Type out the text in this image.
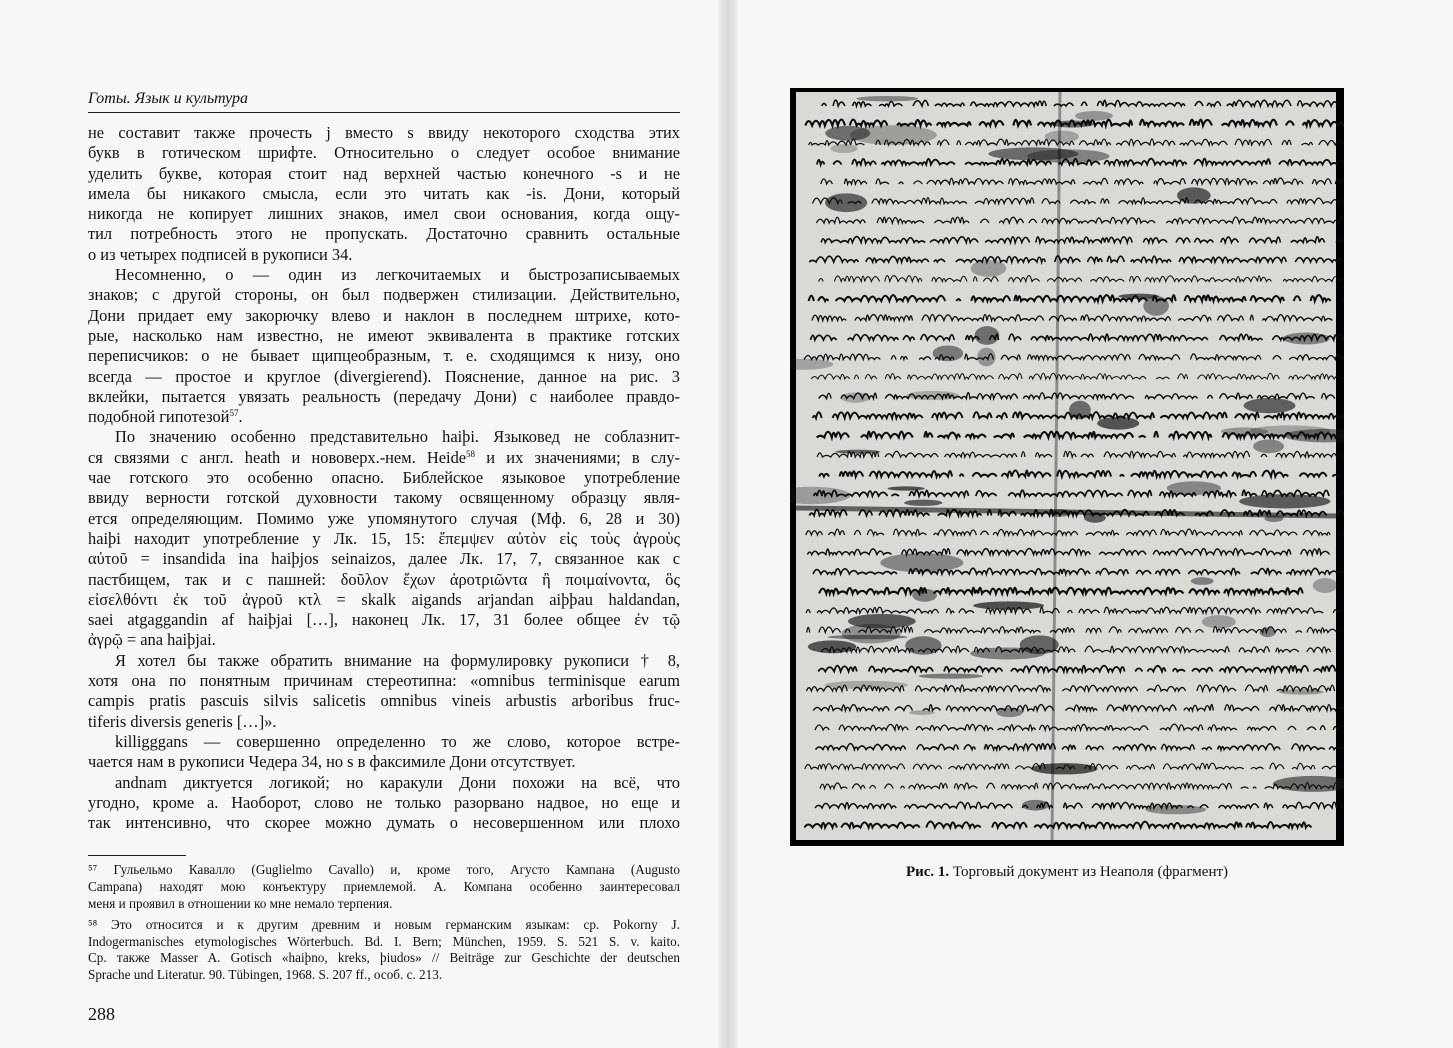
Готы. Язык и культура
не составит также прочесть j вместо s ввиду некоторого сходства этих
букв в готическом шрифте. Относительно o следует особое внимание
уделить букве, которая стоит над верхней частью конечного -s и не
имела бы никакого смысла, если это читать как -is. Дони, который
никогда не копирует лишних знаков, имел свои основания, когда ощу-
тил потребность этого не пропускать. Достаточно сравнить остальные
o из четырех подписей в рукописи 34.
Несомненно, o — один из легкочитаемых и быстрозаписываемых
знаков; с другой стороны, он был подвержен стилизации. Действительно,
Дони придает ему закорючку влево и наклон в последнем штрихе, кото-
рые, насколько нам известно, не имеют эквивалента в практике готских
переписчиков: o не бывает щипцеобразным, т. е. сходящимся к низу, оно
всегда — простое и круглое (divergierend). Пояснение, данное на рис. 3
вклейки, пытается увязать реальность (передачу Дони) с наиболее правдо-
подобной гипотезой$^{57}$.
По значению особенно представительно haiþi. Языковед не соблазнит-
ся связями с англ. heath и нововерх.-нем. Heide$^{58}$ и их значениями; в слу-
чае готского это особенно опасно. Библейское языковое употребление
ввиду верности готской духовности такому освященному образцу явля-
ется определяющим. Помимо уже упомянутого случая (Мф. 6, 28 и 30)
haiþi находит употребление у Лк. 15, 15: ἔπεμψεν αὐτὸν εἰς τοὺς ἀγροὺς
αὐτοῦ = insandida ina haiþjos seinaizos, далее Лк. 17, 7, связанное как с
пастбищем, так и с пашней: δοῦλον ἔχων ἀροτριῶντα ἢ ποιμαίνοντα, ὃς
εἰσελθόντι ἐκ τοῦ ἀγροῦ κτλ = skalk aigands arjandan aiþþau haldandan,
saei atgaggandin af haiþjai […], наконец Лк. 17, 31 более общее ἐν τῷ
ἀγρῷ = ana haiþjai.
Я хотел бы также обратить внимание на формулировку рукописи † 8,
хотя она по понятным причинам стереотипна: «omnibus terminisque earum
campis pratis pascuis silvis salicetis omnibus vineis arbustis arboribus fruc-
tiferis diversis generis […]».
killigggans — совершенно определенно то же слово, которое встре-
чается нам в рукописи Чедера 34, но s в факсимиле Дони отсутствует.
andnam диктуется логикой; но каракули Дони похожи на всё, что
угодно, кроме a. Наоборот, слово не только разорвано надвое, но еще и
так интенсивно, что скорее можно думать о несовершенном или плохо
⁵⁷ Гульельмо Кавалло (Guglielmo Cavallo) и, кроме того, Агусто Кампана (Augusto
Campana) находят мою конъектуру приемлемой. А. Компана особенно заинтересовал
меня и проявил в отношении ко мне немало терпения.
⁵⁸ Это относится и к другим древним и новым германским языкам: ср. Pokorny J.
Indogermanisches etymologisches Wörterbuch. Bd. I. Bern; München, 1959. S. 521 S. v. kaito.
Ср. также Masser A. Gotisch «haiþno, kreks, þiudos» // Beiträge zur Geschichte der deutschen
Sprache und Literatur. 90. Tübingen, 1968. S. 207 ff., особ. с. 213.
288
Рис. 1. Торговый документ из Неаполя (фрагмент)
